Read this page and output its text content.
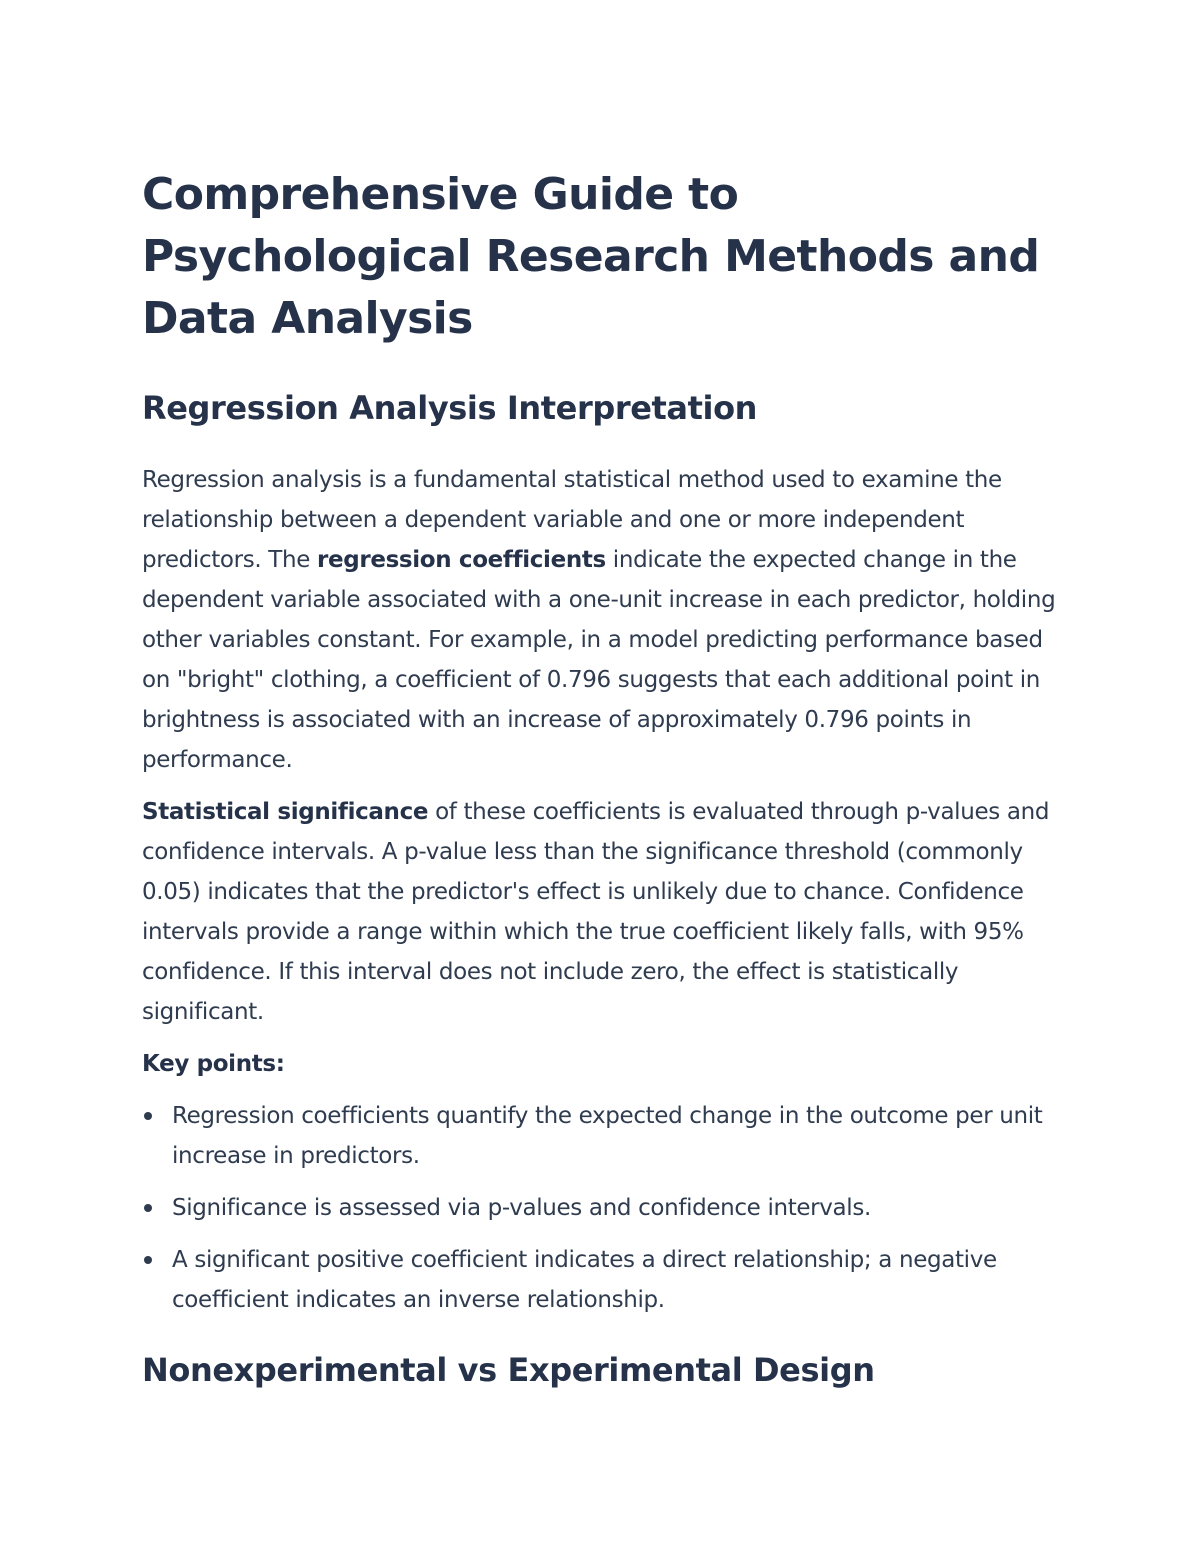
Comprehensive Guide to Psychological Research Methods and Data Analysis
Regression Analysis Interpretation

Regression analysis is a fundamental statistical method used to examine the relationship between a dependent variable and one or more independent predictors. The regression coefficients indicate the expected change in the dependent variable associated with a one-unit increase in each predictor, holding other variables constant. For example, in a model predicting performance based on "bright" clothing, a coefficient of 0.796 suggests that each additional point in brightness is associated with an increase of approximately 0.796 points in performance.

Statistical significance of these coefficients is evaluated through p-values and confidence intervals. A p-value less than the significance threshold (commonly 0.05) indicates that the predictor's effect is unlikely due to chance. Confidence intervals provide a range within which the true coefficient likely falls, with 95% confidence. If this interval does not include zero, the effect is statistically significant.

Key points:

Regression coefficients quantify the expected change in the outcome per unit increase in predictors.
Significance is assessed via p-values and confidence intervals.
A significant positive coefficient indicates a direct relationship; a negative coefficient indicates an inverse relationship.
Nonexperimental vs Experimental Design
